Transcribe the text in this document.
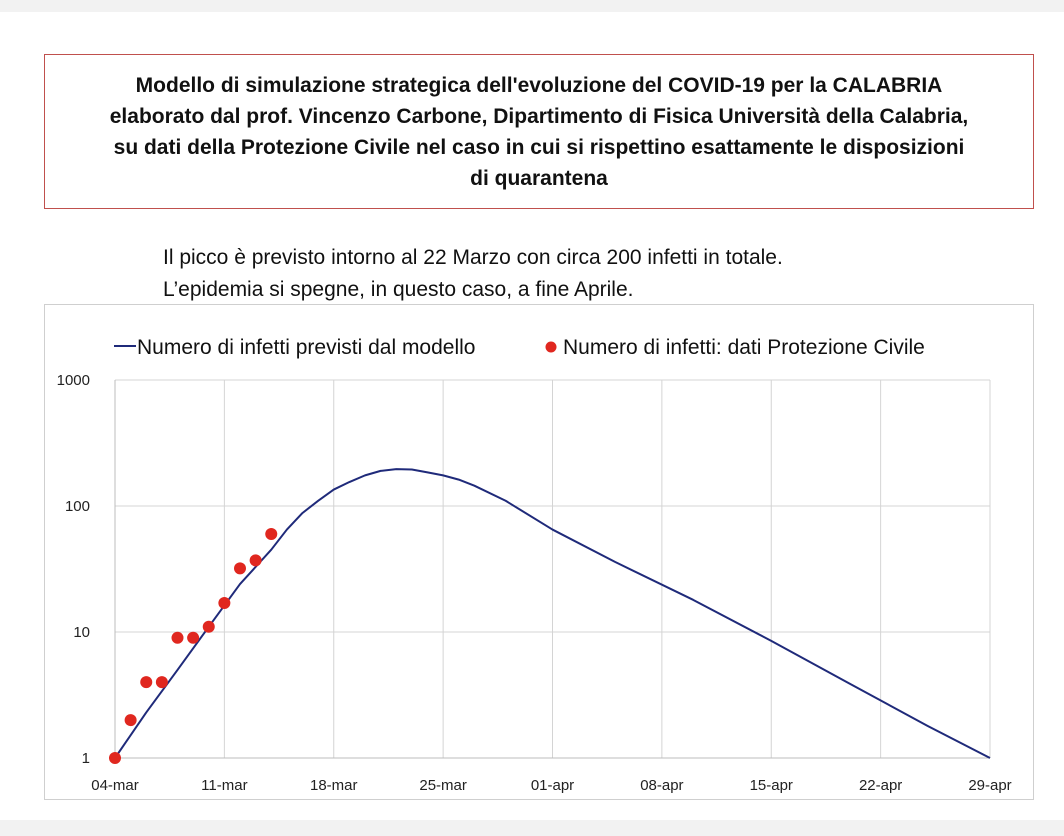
Modello di simulazione strategica dell'evoluzione del COVID-19 per la CALABRIA
elaborato dal prof. Vincenzo Carbone, Dipartimento di Fisica Università della Calabria,
su dati della Protezione Civile nel caso in cui si rispettino esattamente le disposizioni
di quarantena
Il picco è previsto intorno al 22 Marzo con circa 200 infetti in totale.
L’epidemia si spegne, in questo caso, a fine Aprile.
04-mar	11-mar	18-mar	25-mar	01-apr	08-apr	15-apr	22-apr	29-apr
1
10
100
1000
Numero di infetti previsti dal modello	Numero di infetti: dati Protezione Civile
